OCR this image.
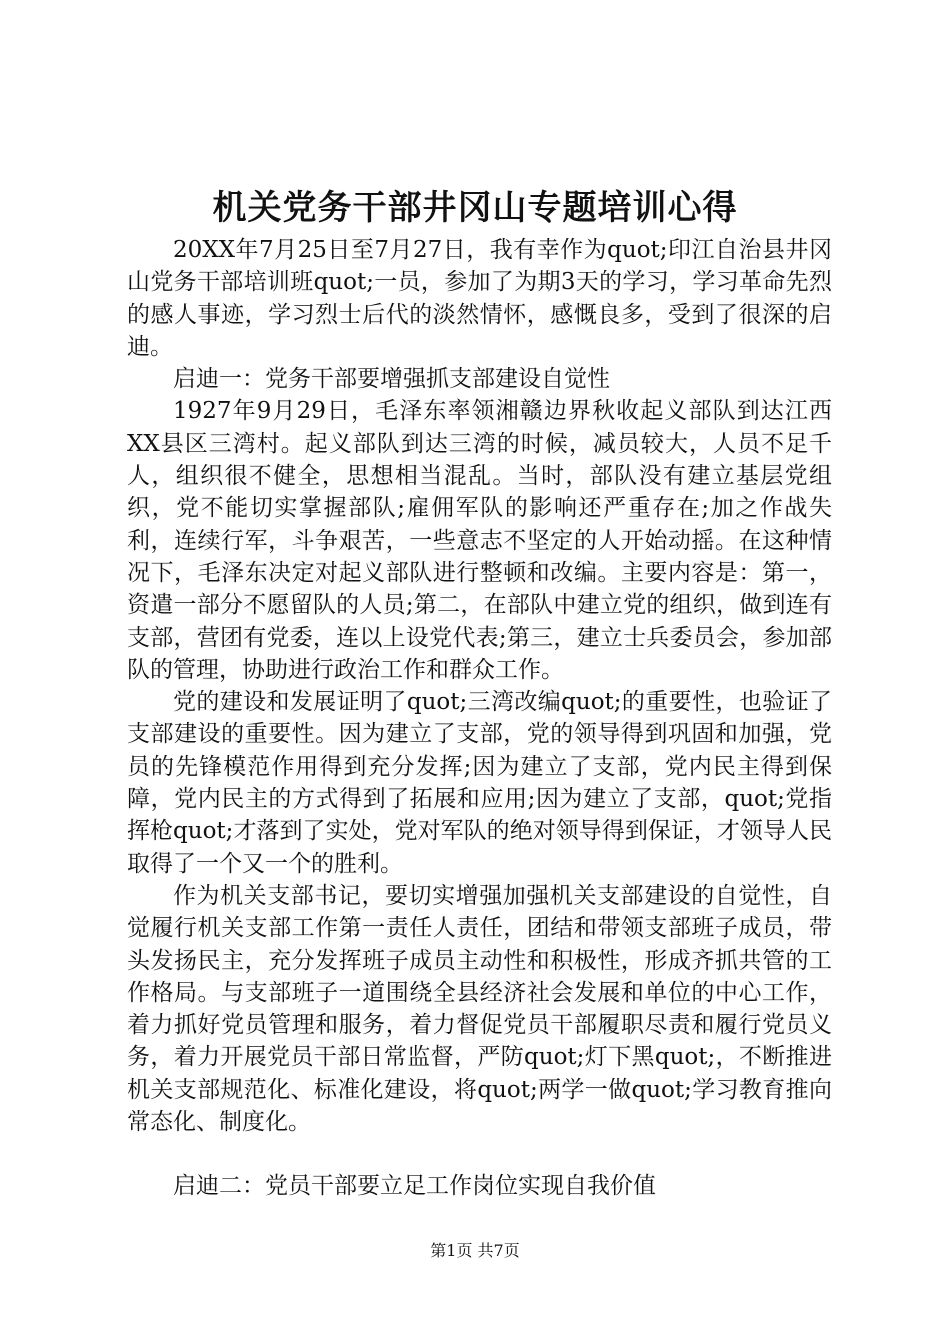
机关党务干部井冈山专题培训心得

20XX年7月25日至7月27日，我有幸作为quot;印江自治县井冈山党务干部培训班quot;一员，参加了为期3天的学习，学习革命先烈的感人事迹，学习烈士后代的淡然情怀，感慨良多，受到了很深的启迪。

启迪一：党务干部要增强抓支部建设自觉性

1927年9月29日，毛泽东率领湘赣边界秋收起义部队到达江西XX县区三湾村。起义部队到达三湾的时候，减员较大，人员不足千人，组织很不健全，思想相当混乱。当时，部队没有建立基层党组织，党不能切实掌握部队;雇佣军队的影响还严重存在;加之作战失利，连续行军，斗争艰苦，一些意志不坚定的人开始动摇。在这种情况下，毛泽东决定对起义部队进行整顿和改编。主要内容是：第一，资遣一部分不愿留队的人员;第二，在部队中建立党的组织，做到连有支部，营团有党委，连以上设党代表;第三，建立士兵委员会，参加部队的管理，协助进行政治工作和群众工作。

党的建设和发展证明了quot;三湾改编quot;的重要性，也验证了支部建设的重要性。因为建立了支部，党的领导得到巩固和加强，党员的先锋模范作用得到充分发挥;因为建立了支部，党内民主得到保障，党内民主的方式得到了拓展和应用;因为建立了支部，quot;党指挥枪quot;才落到了实处，党对军队的绝对领导得到保证，才领导人民取得了一个又一个的胜利。

作为机关支部书记，要切实增强加强机关支部建设的自觉性，自觉履行机关支部工作第一责任人责任，团结和带领支部班子成员，带头发扬民主，充分发挥班子成员主动性和积极性，形成齐抓共管的工作格局。与支部班子一道围绕全县经济社会发展和单位的中心工作，着力抓好党员管理和服务，着力督促党员干部履职尽责和履行党员义务，着力开展党员干部日常监督，严防quot;灯下黑quot;，不断推进机关支部规范化、标准化建设，将quot;两学一做quot;学习教育推向常态化、制度化。

启迪二：党员干部要立足工作岗位实现自我价值

第1页 共7页
